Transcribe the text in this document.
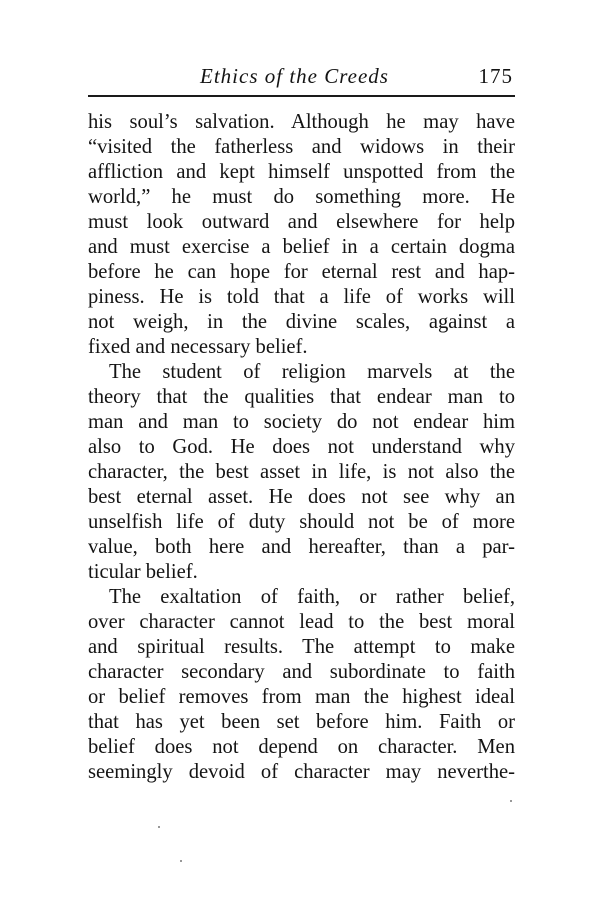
Ethics of the Creeds	175
his soul’s salvation. Although he may have
“visited the fatherless and widows in their
affliction and kept himself unspotted from the
world,” he must do something more. He
must look outward and elsewhere for help
and must exercise a belief in a certain dogma
before he can hope for eternal rest and hap-
piness. He is told that a life of works will
not weigh, in the divine scales, against a
fixed and necessary belief.
The student of religion marvels at the
theory that the qualities that endear man to
man and man to society do not endear him
also to God. He does not understand why
character, the best asset in life, is not also the
best eternal asset. He does not see why an
unselfish life of duty should not be of more
value, both here and hereafter, than a par-
ticular belief.
The exaltation of faith, or rather belief,
over character cannot lead to the best moral
and spiritual results. The attempt to make
character secondary and subordinate to faith
or belief removes from man the highest ideal
that has yet been set before him. Faith or
belief does not depend on character. Men
seemingly devoid of character may neverthe-
